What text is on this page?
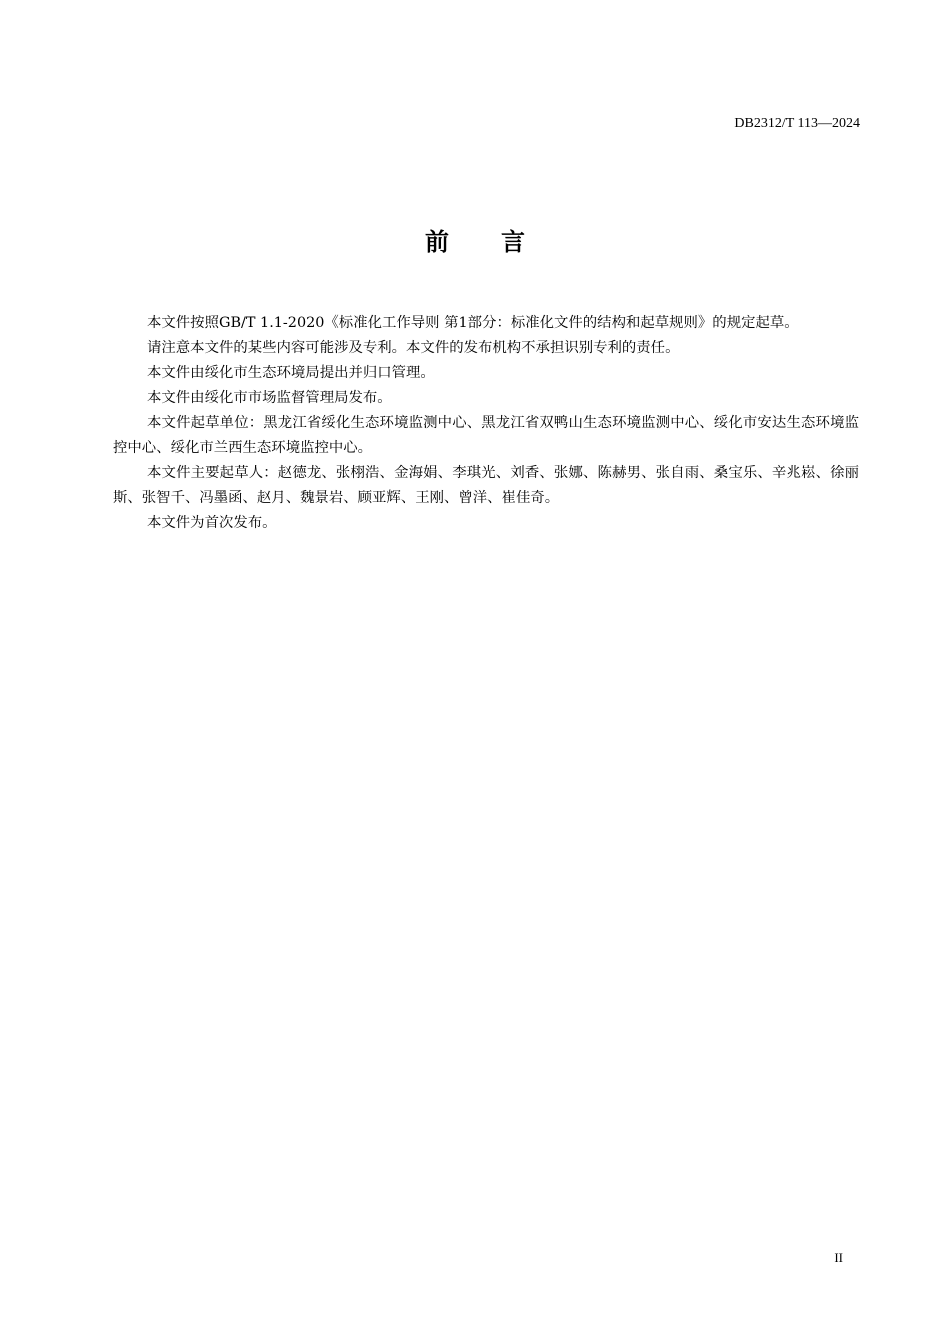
DB2312/T 113—2024
前言

本文件按照GB/T 1.1-2020《标准化工作导则 第1部分：标准化文件的结构和起草规则》的规定起草。

请注意本文件的某些内容可能涉及专利。本文件的发布机构不承担识别专利的责任。

本文件由绥化市生态环境局提出并归口管理。

本文件由绥化市市场监督管理局发布。

本文件起草单位：黑龙江省绥化生态环境监测中心、黑龙江省双鸭山生态环境监测中心、绥化市安达生态环境监控中心、绥化市兰西生态环境监控中心。

本文件主要起草人：赵德龙、张栩浩、金海娟、李琪光、刘香、张娜、陈赫男、张自雨、桑宝乐、辛兆崧、徐丽斯、张智千、冯墨函、赵月、魏景岩、顾亚辉、王刚、曾洋、崔佳奇。

本文件为首次发布。

II
